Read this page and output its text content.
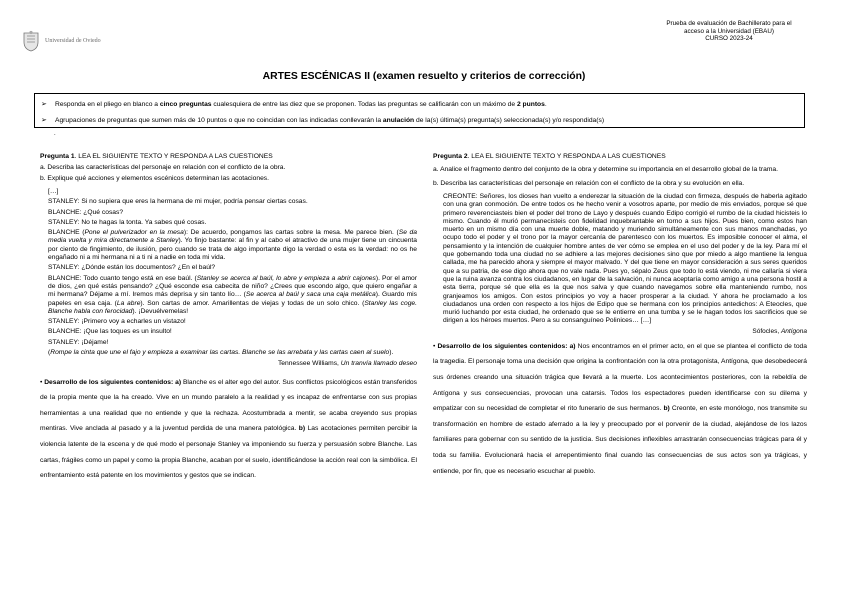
Universidad de Oviedo
Prueba de evaluación de Bachillerato para el
acceso a la Universidad (EBAU)
CURSO 2023-24
ARTES ESCÉNICAS II (examen resuelto y criterios de corrección)
➢ Responda en el pliego en blanco a cinco preguntas cualesquiera de entre las diez que se proponen. Todas las preguntas se calificarán con un máximo de 2 puntos.
➢ Agrupaciones de preguntas que sumen más de 10 puntos o que no coincidan con las indicadas conllevarán la anulación de la(s) última(s) pregunta(s) seleccionada(s) y/o respondida(s)
.
Pregunta 1. LEA EL SIGUIENTE TEXTO Y RESPONDA A LAS CUESTIONES
a. Describa las características del personaje en relación con el conflicto de la obra.
b. Explique qué acciones y elementos escénicos determinan las acotaciones.
[…]
STANLEY: Si no supiera que eres la hermana de mi mujer, podría pensar ciertas cosas.
BLANCHE: ¿Qué cosas?
STANLEY: No te hagas la tonta. Ya sabes qué cosas.
BLANCHE (Pone el pulverizador en la mesa): De acuerdo, pongamos las cartas sobre la mesa. Me parece bien. (Se da media vuelta y mira directamente a Stanley). Yo finjo bastante: al fin y al cabo el atractivo de una mujer tiene un cincuenta por ciento de fingimiento, de ilusión, pero cuando se trata de algo importante digo la verdad o esta es la verdad: no os he engañado ni a mi hermana ni a ti ni a nadie en toda mi vida.
STANLEY: ¿Dónde están los documentos? ¿En el baúl?
BLANCHE: Todo cuanto tengo está en ese baúl. (Stanley se acerca al baúl, lo abre y empieza a abrir cajones). Por el amor de dios, ¿en qué estás pensando? ¿Qué esconde esa cabecita de niño? ¿Crees que escondo algo, que quiero engañar a mi hermana? Déjame a mí. Iremos más deprisa y sin tanto lío… (Se acerca al baúl y saca una caja metálica). Guardo mis papeles en esa caja. (La abre). Son cartas de amor. Amarillentas de viejas y todas de un solo chico. (Stanley las coge. Blanche habla con ferocidad). ¡Devuélvemelas!
STANLEY: ¡Primero voy a echarles un vistazo!
BLANCHE: ¡Que las toques es un insulto!
STANLEY: ¡Déjame!
(Rompe la cinta que une el fajo y empieza a examinar las cartas. Blanche se las arrebata y las cartas caen al suelo).
Tennessee Williams, Un tranvía llamado deseo
• Desarrollo de los siguientes contenidos: a) Blanche es el alter ego del autor. Sus conflictos psicológicos están transferidos de la propia mente que la ha creado. Vive en un mundo paralelo a la realidad y es incapaz de enfrentarse con sus propias herramientas a una realidad que no entiende y que la rechaza. Acostumbrada a mentir, se acaba creyendo sus propias mentiras. Vive anclada al pasado y a la juventud perdida de una manera patológica. b) Las acotaciones permiten percibir la violencia latente de la escena y de qué modo el personaje Stanley va imponiendo su fuerza y persuasión sobre Blanche. Las cartas, frágiles como un papel y como la propia Blanche, acaban por el suelo, identificándose la acción real con la simbólica. El enfrentamiento está patente en los movimientos y gestos que se indican.
Pregunta 2. LEA EL SIGUIENTE TEXTO Y RESPONDA A LAS CUESTIONES
a. Analice el fragmento dentro del conjunto de la obra y determine su importancia en el desarrollo global de la trama.
b. Describa las características del personaje en relación con el conflicto de la obra y su evolución en ella.
CREONTE: Señores, los dioses han vuelto a enderezar la situación de la ciudad con firmeza, después de haberla agitado con una gran conmoción. De entre todos os he hecho venir a vosotros aparte, por medio de mis enviados, porque sé que primero reverenciasteis bien el poder del trono de Layo y después cuando Edipo corrigió el rumbo de la ciudad hicisteis lo mismo. Cuando él murió permanecisteis con fidelidad inquebrantable en torno a sus hijos. Pues bien, como estos han muerto en un mismo día con una muerte doble, matando y muriendo simultáneamente con sus manos manchadas, yo ocupo todo el poder y el trono por la mayor cercanía de parentesco con los muertos. Es imposible conocer el alma, el pensamiento y la intención de cualquier hombre antes de ver cómo se emplea en el uso del poder y de la ley. Para mí el que gobernando toda una ciudad no se adhiere a las mejores decisiones sino que por miedo a algo mantiene la lengua callada, me ha parecido ahora y siempre el mayor malvado. Y del que tiene en mayor consideración a sus seres queridos que a su patria, de ese digo ahora que no vale nada. Pues yo, sépalo Zeus que todo lo está viendo, ni me callaría si viera que la ruina avanza contra los ciudadanos, en lugar de la salvación, ni nunca aceptaría como amigo a una persona hostil a esta tierra, porque sé que ella es la que nos salva y que cuando navegamos sobre ella manteniendo rumbo, nos granjeamos los amigos. Con estos principios yo voy a hacer prosperar a la ciudad. Y ahora he proclamado a los ciudadanos una orden con respecto a los hijos de Edipo que se hermana con los principios antedichos: A Eteocles, que murió luchando por esta ciudad, he ordenado que se le entierre en una tumba y se le hagan todos los sacrificios que se dirigen a los héroes muertos. Pero a su consanguíneo Polinices… […]
Sófocles, Antígona
• Desarrollo de los siguientes contenidos: a) Nos encontramos en el primer acto, en el que se plantea el conflicto de toda la tragedia. El personaje toma una decisión que origina la confrontación con la otra protagonista, Antígona, que desobedecerá sus órdenes creando una situación trágica que llevará a la muerte. Los acontecimientos posteriores, con la rebeldía de Antígona y sus consecuencias, provocan una catarsis. Todos los espectadores pueden identificarse con su dilema y empatizar con su necesidad de completar el rito funerario de sus hermanos. b) Creonte, en este monólogo, nos transmite su transformación en hombre de estado aferrado a la ley y preocupado por el porvenir de la ciudad, alejándose de los lazos familiares para gobernar con su sentido de la justicia. Sus decisiones inflexibles arrastrarán consecuencias trágicas para él y toda su familia. Evolucionará hacia el arrepentimiento final cuando las consecuencias de sus actos son ya trágicas, y entiende, por fin, que es necesario escuchar al pueblo.
